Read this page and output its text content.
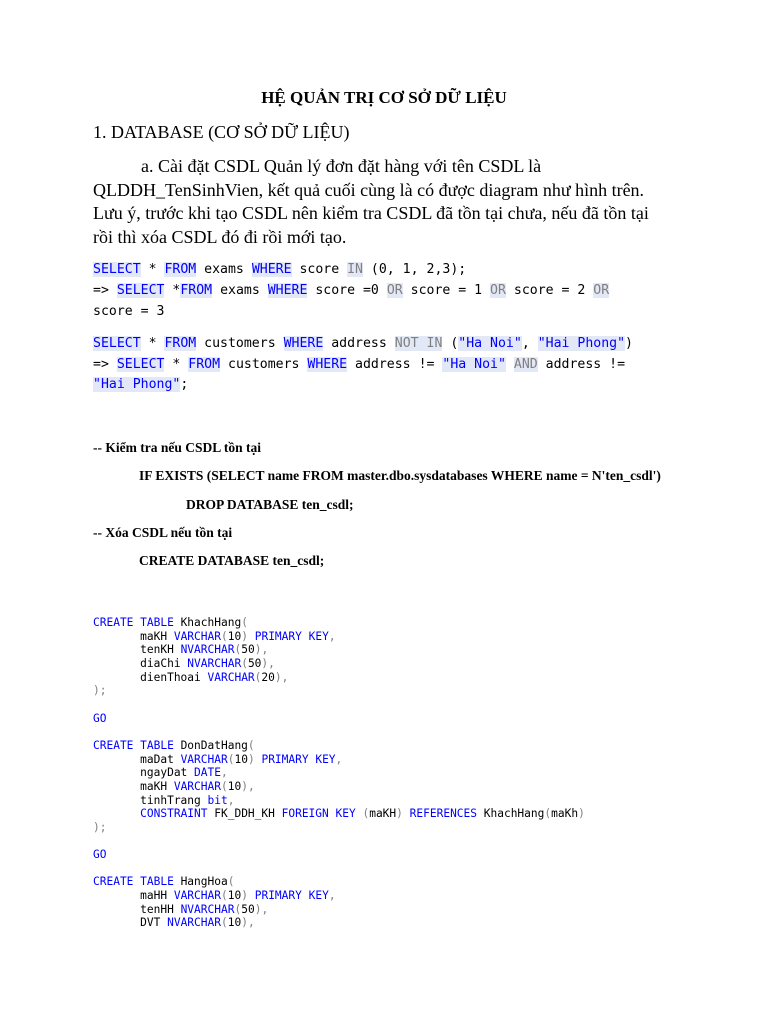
HỆ QUẢN TRỊ CƠ SỞ DỮ LIỆU
1. DATABASE (CƠ SỞ DỮ LIỆU)
a. Cài đặt CSDL Quản lý đơn đặt hàng với tên CSDL là QLDDH_TenSinhVien, kết quả cuối cùng là có được diagram như hình trên. Lưu ý, trước khi tạo CSDL nên kiểm tra CSDL đã tồn tại chưa, nếu đã tồn tại rồi thì xóa CSDL đó đi rồi mới tạo.
SELECT * FROM exams WHERE score IN (0, 1, 2,3);
=> SELECT *FROM exams WHERE score =0 OR score = 1 OR score = 2 OR
score = 3
SELECT * FROM customers WHERE address NOT IN ("Ha Noi", "Hai Phong")
=> SELECT * FROM customers WHERE address != "Ha Noi" AND address !=
"Hai Phong";
-- Kiểm tra nếu CSDL tồn tại
IF EXISTS (SELECT name FROM master.dbo.sysdatabases WHERE name = N'ten_csdl')
DROP DATABASE ten_csdl;
-- Xóa CSDL nếu tồn tại
CREATE DATABASE ten_csdl;
CREATE TABLE KhachHang(
maKH VARCHAR(10) PRIMARY KEY,
tenKH NVARCHAR(50),
diaChi NVARCHAR(50),
dienThoai VARCHAR(20),
);

GO

CREATE TABLE DonDatHang(
maDat VARCHAR(10) PRIMARY KEY,
ngayDat DATE,
maKH VARCHAR(10),
tinhTrang bit,
CONSTRAINT FK_DDH_KH FOREIGN KEY (maKH) REFERENCES KhachHang(maKh)
);

GO

CREATE TABLE HangHoa(
maHH VARCHAR(10) PRIMARY KEY,
tenHH NVARCHAR(50),
DVT NVARCHAR(10),
